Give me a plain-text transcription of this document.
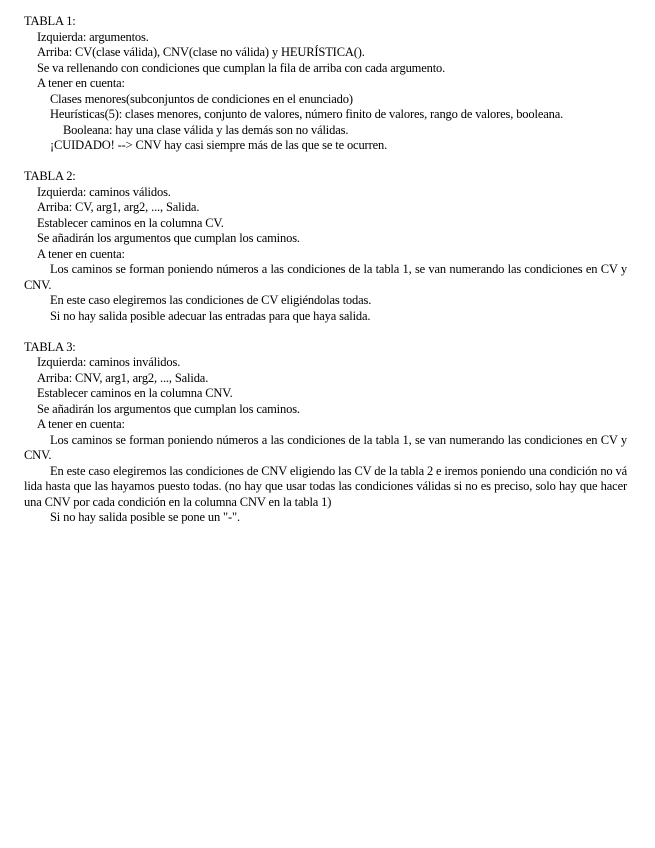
TABLA 1:
Izquierda: argumentos.
Arriba: CV(clase válida), CNV(clase no válida) y HEURÍSTICA().
Se va rellenando con condiciones que cumplan la fila de arriba con cada argumento.
A tener en cuenta:
Clases menores(subconjuntos de condiciones en el enunciado)
Heurísticas(5): clases menores, conjunto de valores, número finito de valores, rango de valores, booleana.
Booleana: hay una clase válida y las demás son no válidas.
¡CUIDADO! --> CNV hay casi siempre más de las que se te ocurren.
TABLA 2:
Izquierda: caminos válidos.
Arriba: CV, arg1, arg2, ..., Salida.
Establecer caminos en la columna CV.
Se añadirán los argumentos que cumplan los caminos.
A tener en cuenta:
Los caminos se forman poniendo números a las condiciones de la tabla 1, se van numerando las condiciones en CV y CNV.
En este caso elegiremos las condiciones de CV eligiéndolas todas.
Si no hay salida posible adecuar las entradas para que haya salida.
TABLA 3:
Izquierda: caminos inválidos.
Arriba: CNV, arg1, arg2, ..., Salida.
Establecer caminos en la columna CNV.
Se añadirán los argumentos que cumplan los caminos.
A tener en cuenta:
Los caminos se forman poniendo números a las condiciones de la tabla 1, se van numerando las condiciones en CV y CNV.
En este caso elegiremos las condiciones de CNV eligiendo las CV de la tabla 2 e iremos poniendo una condición no válida hasta que las hayamos puesto todas. (no hay que usar todas las condiciones válidas si no es preciso, solo hay que hacer una CNV por cada condición en la columna CNV en la tabla 1)
Si no hay salida posible se pone un "-".
